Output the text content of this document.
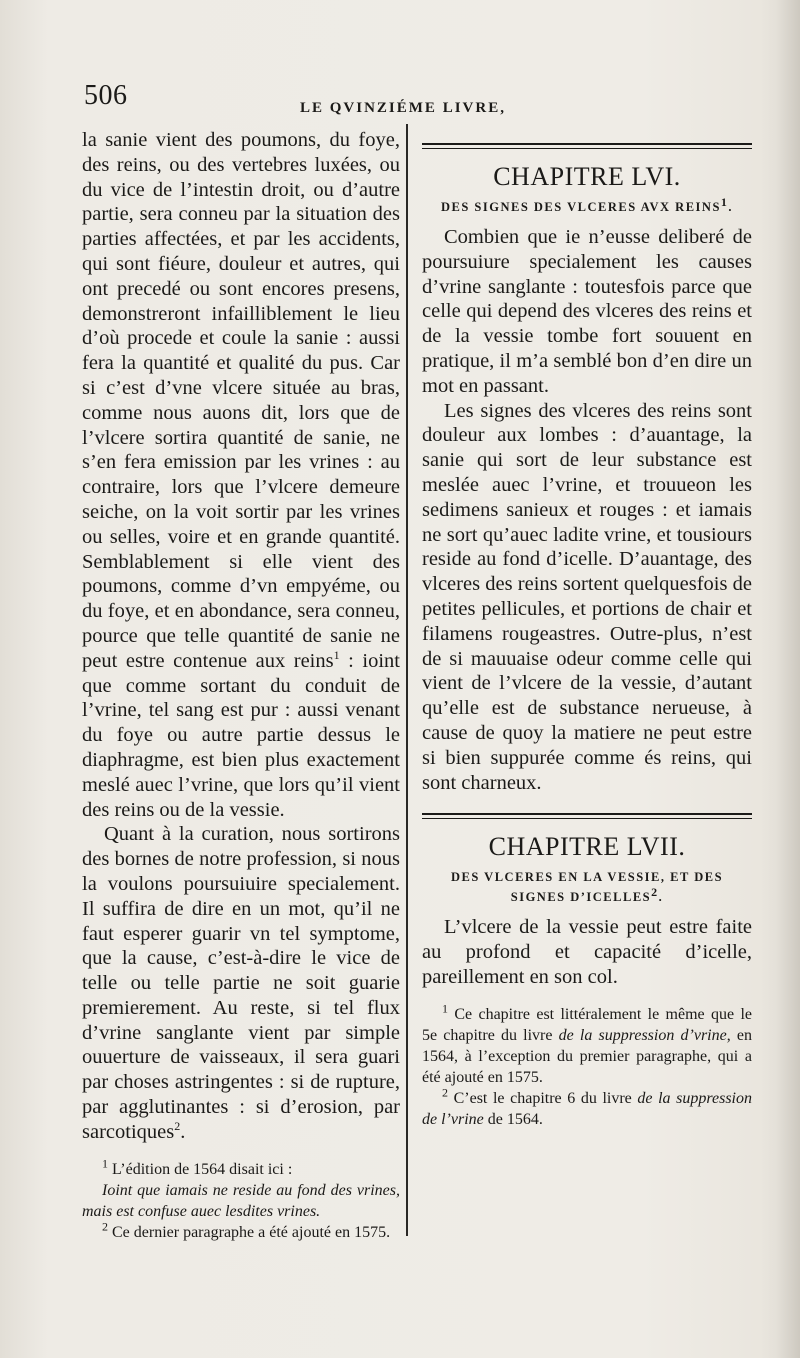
506	LE QVINZIÉME LIVRE,

la sanie vient des poumons, du foye, des reins, ou des vertebres luxées, ou du vice de l’intestin droit, ou d’autre partie, sera conneu par la situation des parties affectées, et par les accidents, qui sont fiéure, douleur et autres, qui ont precedé ou sont encores presens, demonstreront infailliblement le lieu d’où procede et coule la sanie : aussi fera la quantité et qualité du pus. Car si c’est d’vne vlcere située au bras, comme nous auons dit, lors que de l’vlcere sortira quantité de sanie, ne s’en fera emission par les vrines : au contraire, lors que l’vlcere demeure seiche, on la voit sortir par les vrines ou selles, voire et en grande quantité. Semblablement si elle vient des poumons, comme d’vn empyéme, ou du foye, et en abondance, sera conneu, pource que telle quantité de sanie ne peut estre contenue aux reins$^1$ : ioint que comme sortant du conduit de l’vrine, tel sang est pur : aussi venant du foye ou autre partie dessus le diaphragme, est bien plus exactement meslé auec l’vrine, que lors qu’il vient des reins ou de la vessie.

Quant à la curation, nous sortirons des bornes de notre profession, si nous la voulons poursuiuire specialement. Il suffira de dire en un mot, qu’il ne faut esperer guarir vn tel symptome, que la cause, c’est-à-dire le vice de telle ou telle partie ne soit guarie premierement. Au reste, si tel flux d’vrine sanglante vient par simple ouuerture de vaisseaux, il sera guari par choses astringentes : si de rupture, par agglutinantes : si d’erosion, par sarcotiques$^2$.

$^1$ L’édition de 1564 disait ici :

Ioint que iamais ne reside au fond des vrines, mais est confuse auec lesdites vrines.

$^2$ Ce dernier paragraphe a été ajouté en 1575.

CHAPITRE LVI.
DES SIGNES DES VLCERES AVX REINS$^1$.

Combien que ie n’eusse deliberé de poursuiure specialement les causes d’vrine sanglante : toutesfois parce que celle qui depend des vlceres des reins et de la vessie tombe fort souuent en pratique, il m’a semblé bon d’en dire un mot en passant.

Les signes des vlceres des reins sont douleur aux lombes : d’auantage, la sanie qui sort de leur substance est meslée auec l’vrine, et trouueon les sedimens sanieux et rouges : et iamais ne sort qu’auec ladite vrine, et tousiours reside au fond d’icelle. D’auantage, des vlceres des reins sortent quelquesfois de petites pellicules, et portions de chair et filamens rougeastres. Outre-plus, n’est de si mauuaise odeur comme celle qui vient de l’vlcere de la vessie, d’autant qu’elle est de substance nerueuse, à cause de quoy la matiere ne peut estre si bien suppurée comme és reins, qui sont charneux.

CHAPITRE LVII.
DES VLCERES EN LA VESSIE, ET DES SIGNES D’ICELLES$^2$.

L’vlcere de la vessie peut estre faite au profond et capacité d’icelle, pareillement en son col.

$^1$ Ce chapitre est littéralement le même que le 5e chapitre du livre de la suppression d’vrine, en 1564, à l’exception du premier paragraphe, qui a été ajouté en 1575.

$^2$ C’est le chapitre 6 du livre de la suppression de l’vrine de 1564.
